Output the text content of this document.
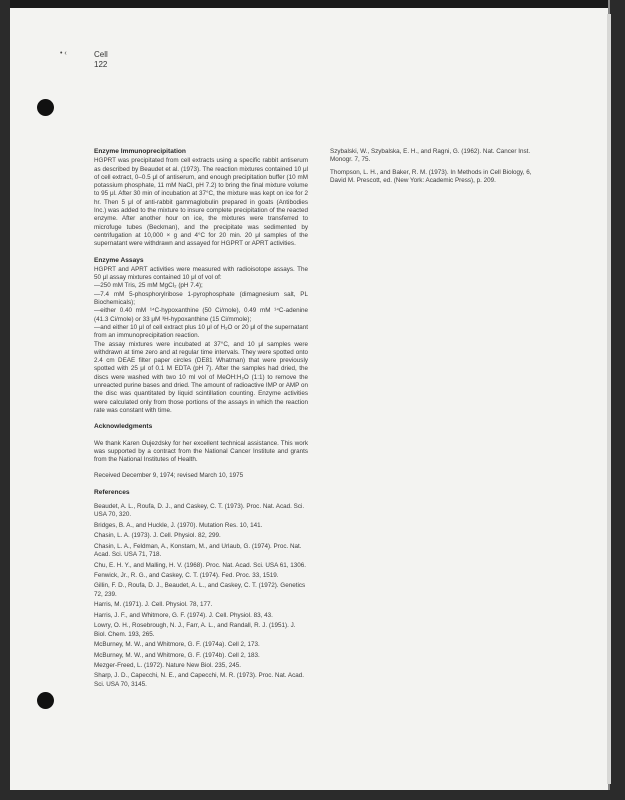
• ‹	Cell
122
Enzyme Immunoprecipitation

HGPRT was precipitated from cell extracts using a specific rabbit antiserum as described by Beaudet et al. (1973). The reaction mixtures contained 10 μl of cell extract, 0–0.5 μl of antiserum, and enough precipitation buffer (10 mM potassium phosphate, 11 mM NaCl, pH 7.2) to bring the final mixture volume to 95 μl. After 30 min of incubation at 37°C, the mixture was kept on ice for 2 hr. Then 5 μl of anti-rabbit gammaglobulin prepared in goats (Antibodies Inc.) was added to the mixture to insure complete precipitation of the reacted enzyme. After another hour on ice, the mixtures were transferred to microfuge tubes (Beckman), and the precipitate was sedimented by centrifugation at 10,000 × g and 4°C for 20 min. 20 μl samples of the supernatant were withdrawn and assayed for HGPRT or APRT activities.

Enzyme Assays

HGPRT and APRT activities were measured with radioisotope assays. The 50 μl assay mixtures contained 10 μl of vol of:

—250 mM Tris, 25 mM MgCl₂ (pH 7.4);
—7.4 mM 5-phosphorylribose 1-pyrophosphate (dimagnesium salt, PL Biochemicals);
—either 0.40 mM ¹⁴C-hypoxanthine (50 Ci/mole), 0.49 mM ¹⁴C-adenine (41.3 Ci/mole) or 33 μM ³H-hypoxanthine (15 Ci/mmole);
—and either 10 μl of cell extract plus 10 μl of H₂O or 20 μl of the supernatant from an immunoprecipitation reaction.

The assay mixtures were incubated at 37°C, and 10 μl samples were withdrawn at time zero and at regular time intervals. They were spotted onto 2.4 cm DEAE filter paper circles (DE81 Whatman) that were previously spotted with 25 μl of 0.1 M EDTA (pH 7). After the samples had dried, the discs were washed with two 10 ml vol of MeOH:H₂O (1:1) to remove the unreacted purine bases and dried. The amount of radioactive IMP or AMP on the disc was quantitated by liquid scintillation counting. Enzyme activities were calculated only from those portions of the assays in which the reaction rate was constant with time.

Acknowledgments

We thank Karen Oujezdsky for her excellent technical assistance. This work was supported by a contract from the National Cancer Institute and grants from the National Institutes of Health.

Received December 9, 1974; revised March 10, 1975

References
Beaudet, A. L., Roufa, D. J., and Caskey, C. T. (1973). Proc. Nat. Acad. Sci. USA 70, 320.
Bridges, B. A., and Huckle, J. (1970). Mutation Res. 10, 141.
Chasin, L. A. (1973). J. Cell. Physiol. 82, 299.
Chasin, L. A., Feldman, A., Konstam, M., and Urlaub, G. (1974). Proc. Nat. Acad. Sci. USA 71, 718.
Chu, E. H. Y., and Malling, H. V. (1968). Proc. Nat. Acad. Sci. USA 61, 1306.
Fenwick, Jr., R. G., and Caskey, C. T. (1974). Fed. Proc. 33, 1519.
Gillin, F. D., Roufa, D. J., Beaudet, A. L., and Caskey, C. T. (1972). Genetics 72, 239.
Harris, M. (1971). J. Cell. Physiol. 78, 177.
Harris, J. F., and Whitmore, G. F. (1974). J. Cell. Physiol. 83, 43.
Lowry, O. H., Rosebrough, N. J., Farr, A. L., and Randall, R. J. (1951). J. Biol. Chem. 193, 265.
McBurney, M. W., and Whitmore, G. F. (1974a). Cell 2, 173.
McBurney, M. W., and Whitmore, G. F. (1974b). Cell 2, 183.
Mezger-Freed, L. (1972). Nature New Biol. 235, 245.
Sharp, J. D., Capecchi, N. E., and Capecchi, M. R. (1973). Proc. Nat. Acad. Sci. USA 70, 3145.
Szybalski, W., Szybalska, E. H., and Ragni, G. (1962). Nat. Cancer Inst. Monogr. 7, 75.
Thompson, L. H., and Baker, R. M. (1973). In Methods in Cell Biology, 6, David M. Prescott, ed. (New York: Academic Press), p. 209.
